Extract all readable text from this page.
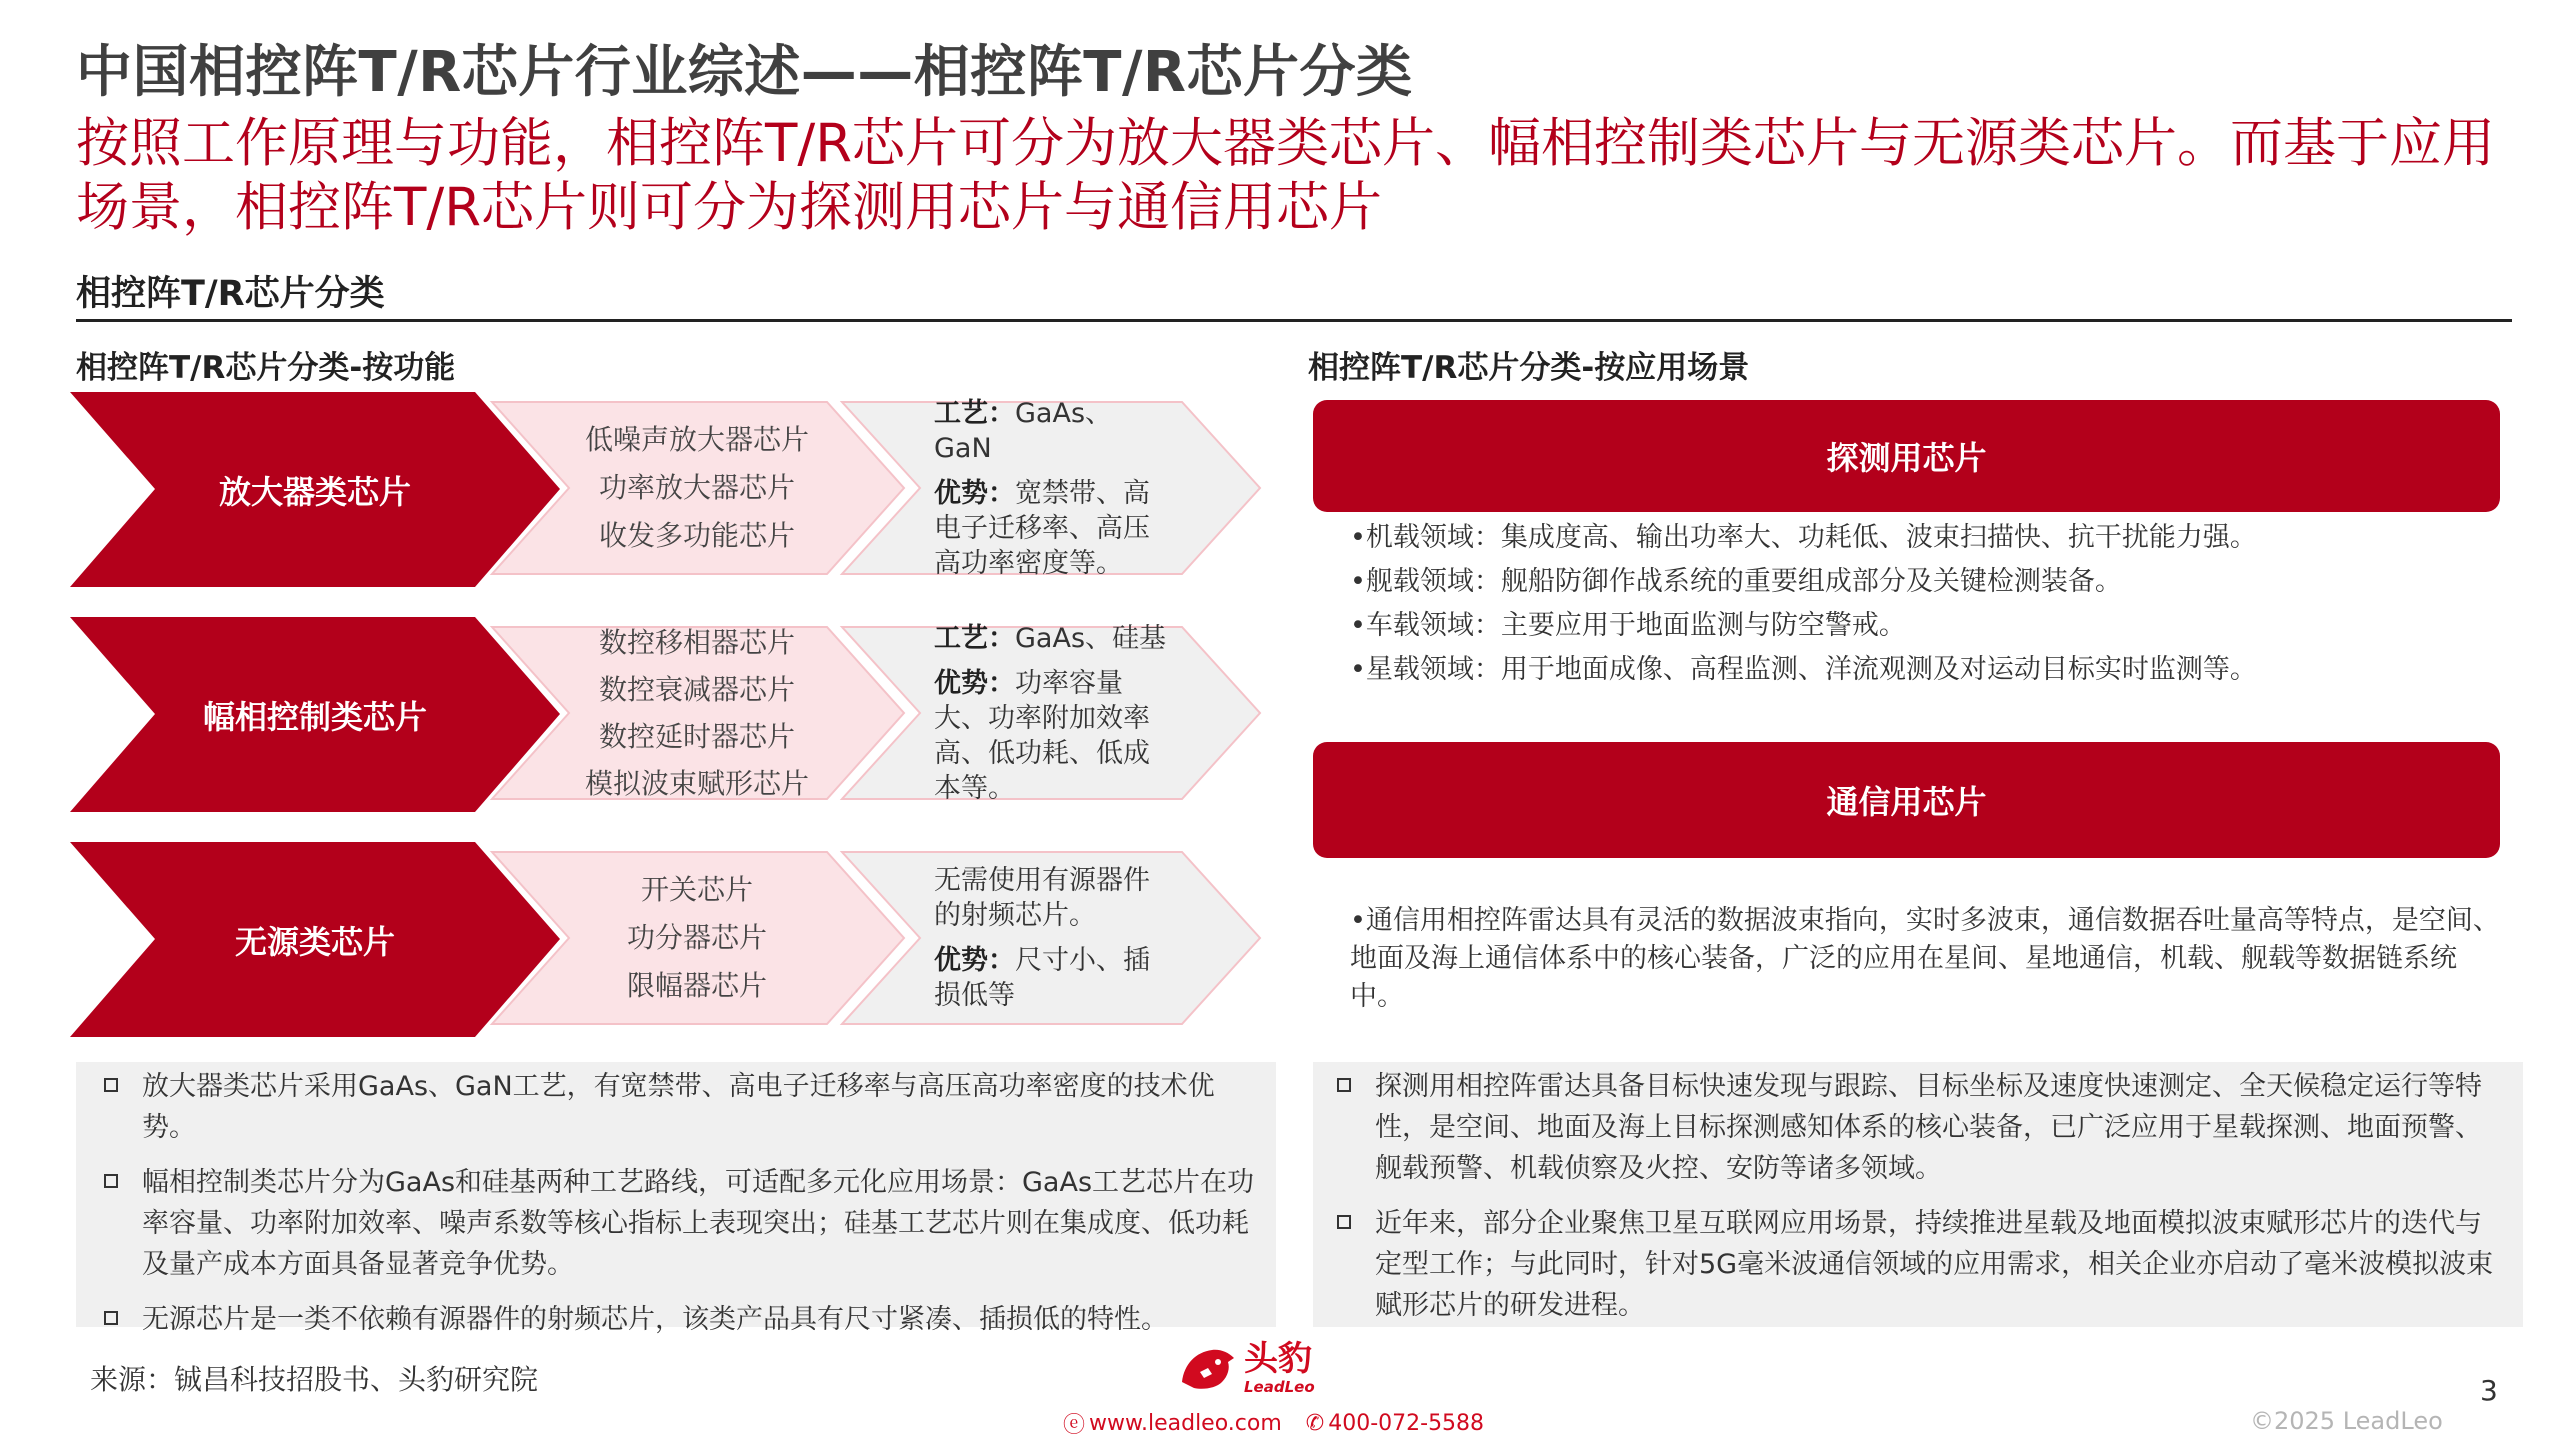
中国相控阵T/R芯片行业综述——相控阵T/R芯片分类
按照工作原理与功能，相控阵T/R芯片可分为放大器类芯片、幅相控制类芯片与无源类芯片。而基于应用场景，相控阵T/R芯片则可分为探测用芯片与通信用芯片
相控阵T/R芯片分类
相控阵T/R芯片分类-按功能	相控阵T/R芯片分类-按应用场景
放大器类芯片
低噪声放大器芯片
功率放大器芯片
收发多功能芯片
工艺：GaAs、GaN
优势：宽禁带、高电子迁移率、高压高功率密度等。
幅相控制类芯片
数控移相器芯片
数控衰减器芯片
数控延时器芯片
模拟波束赋形芯片
工艺：GaAs、硅基
优势：功率容量大、功率附加效率高、低功耗、低成本等。
无源类芯片
开关芯片
功分器芯片
限幅器芯片
无需使用有源器件的射频芯片。
优势：尺寸小、插损低等
探测用芯片
•机载领域：集成度高、输出功率大、功耗低、波束扫描快、抗干扰能力强。
•舰载领域：舰船防御作战系统的重要组成部分及关键检测装备。
•车载领域：主要应用于地面监测与防空警戒。
•星载领域：用于地面成像、高程监测、洋流观测及对运动目标实时监测等。
通信用芯片
•通信用相控阵雷达具有灵活的数据波束指向，实时多波束，通信数据吞吐量高等特点，是空间、地面及海上通信体系中的核心装备，广泛的应用在星间、星地通信，机载、舰载等数据链系统中。
放大器类芯片采用GaAs、GaN工艺，有宽禁带、高电子迁移率与高压高功率密度的技术优势。
幅相控制类芯片分为GaAs和硅基两种工艺路线，可适配多元化应用场景：GaAs工艺芯片在功率容量、功率附加效率、噪声系数等核心指标上表现突出；硅基工艺芯片则在集成度、低功耗及量产成本方面具备显著竞争优势。
无源芯片是一类不依赖有源器件的射频芯片，该类产品具有尺寸紧凑、插损低的特性。
探测用相控阵雷达具备目标快速发现与跟踪、目标坐标及速度快速测定、全天候稳定运行等特性，是空间、地面及海上目标探测感知体系的核心装备，已广泛应用于星载探测、地面预警、舰载预警、机载侦察及火控、安防等诸多领域。
近年来，部分企业聚焦卫星互联网应用场景，持续推进星载及地面模拟波束赋形芯片的迭代与定型工作；与此同时，针对5G毫米波通信领域的应用需求，相关企业亦启动了毫米波模拟波束赋形芯片的研发进程。
来源：铖昌科技招股书、头豹研究院
头豹
LeadLeo
ⓔ www.leadleo.com ✆ 400-072-5588
3
©2025 LeadLeo
